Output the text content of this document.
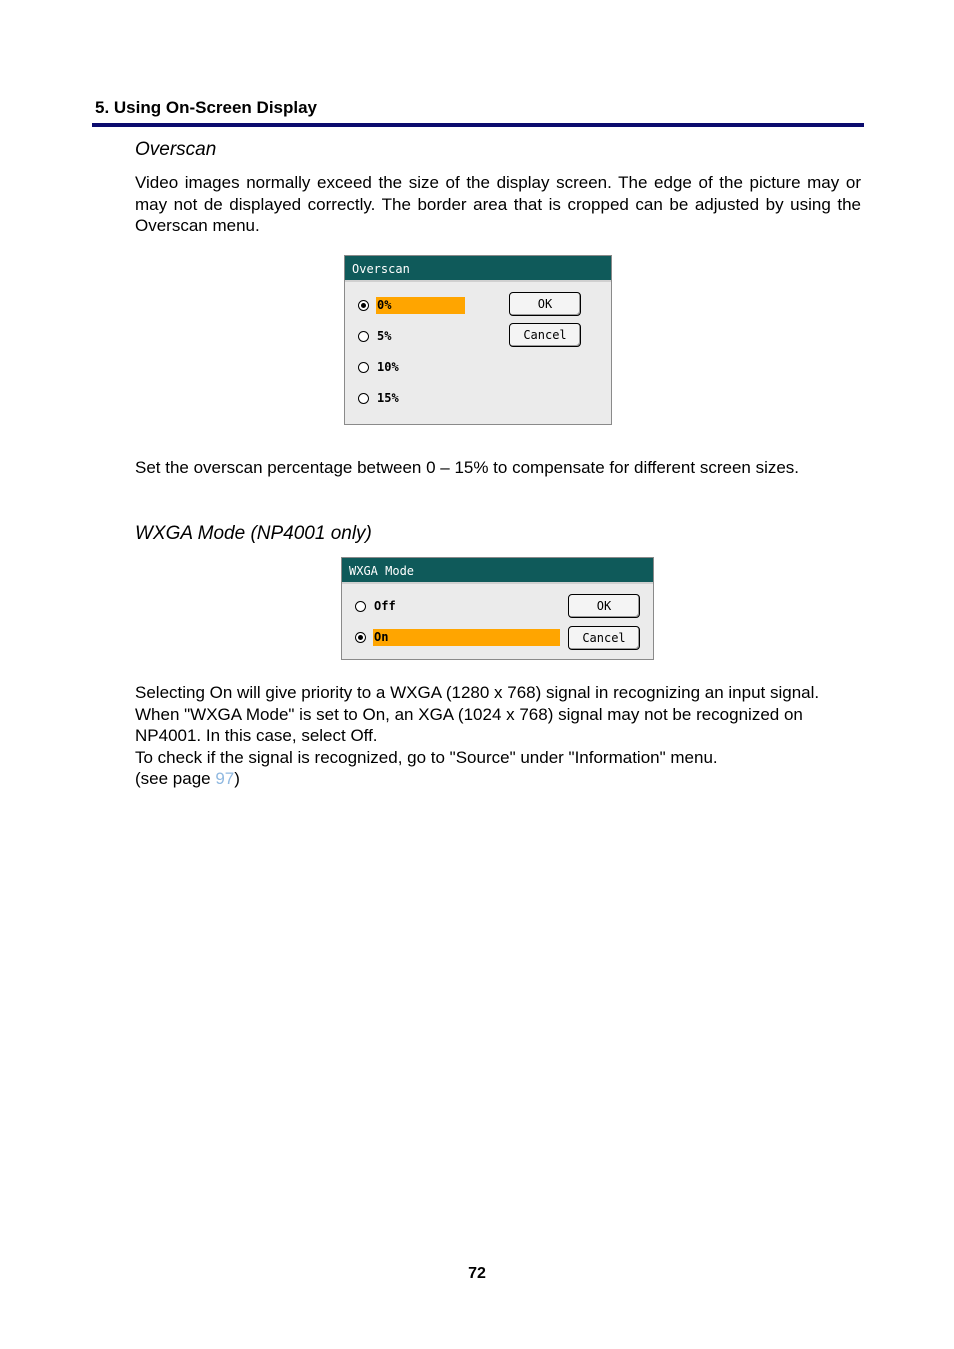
5. Using On-Screen Display
Overscan
Video images normally exceed the size of the display screen. The edge of the picture may or may not de displayed correctly. The border area that is cropped can be adjusted by using the Overscan menu.
Overscan
0%
5%
10%
15%
OK
Cancel
Set the overscan percentage between 0 – 15% to compensate for different screen sizes.
WXGA Mode (NP4001 only)
WXGA Mode
Off
On
OK
Cancel
Selecting On will give priority to a WXGA (1280 x 768) signal in recognizing an input signal.
When "WXGA Mode" is set to On, an XGA (1024 x 768) signal may not be recognized on NP4001. In this case, select Off.
To check if the signal is recognized, go to "Source" under "Information" menu.
(see page 97)
72
